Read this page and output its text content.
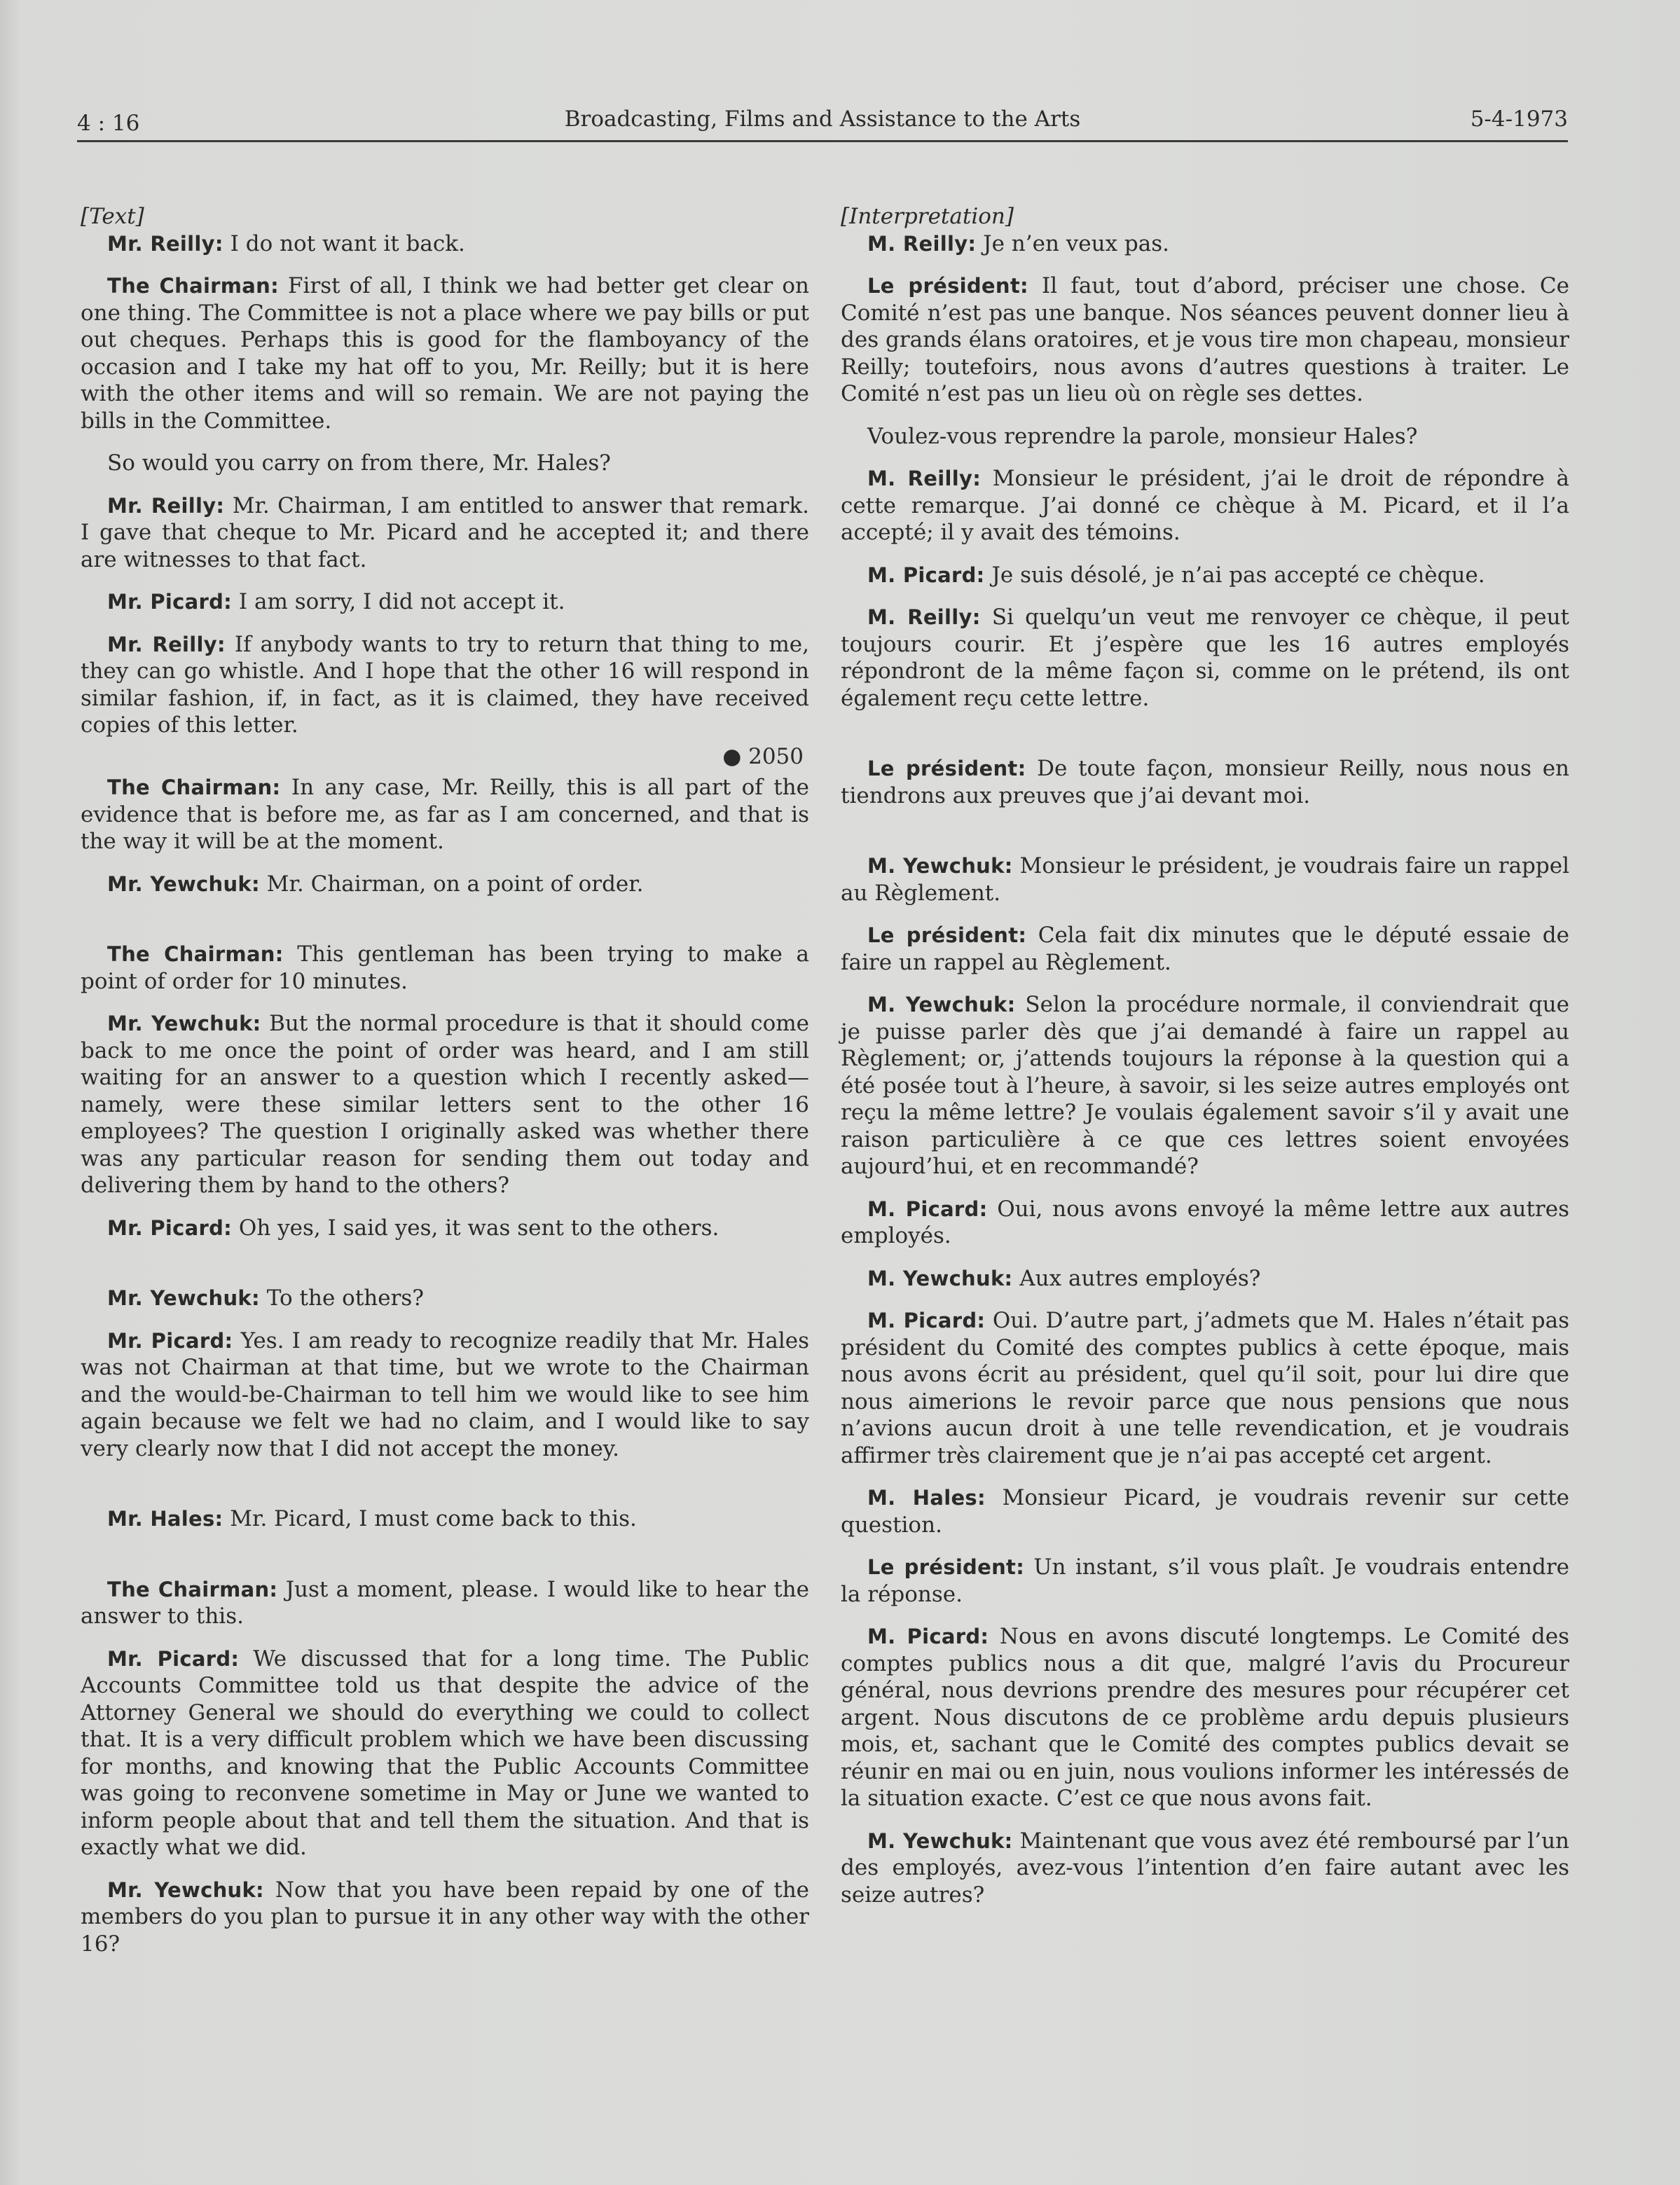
4 : 16	Broadcasting, Films and Assistance to the Arts	5-4-1973
[Text]

Mr. Reilly: I do not want it back.

The Chairman: First of all, I think we had better get clear on one thing. The Committee is not a place where we pay bills or put out cheques. Perhaps this is good for the flamboyancy of the occasion and I take my hat off to you, Mr. Reilly; but it is here with the other items and will so remain. We are not paying the bills in the Committee.

So would you carry on from there, Mr. Hales?

Mr. Reilly: Mr. Chairman, I am entitled to answer that remark. I gave that cheque to Mr. Picard and he accepted it; and there are witnesses to that fact.

Mr. Picard: I am sorry, I did not accept it.

Mr. Reilly: If anybody wants to try to return that thing to me, they can go whistle. And I hope that the other 16 will respond in similar fashion, if, in fact, as it is claimed, they have received copies of this letter.

● 2050

The Chairman: In any case, Mr. Reilly, this is all part of the evidence that is before me, as far as I am concerned, and that is the way it will be at the moment.

Mr. Yewchuk: Mr. Chairman, on a point of order.

The Chairman: This gentleman has been trying to make a point of order for 10 minutes.

Mr. Yewchuk: But the normal procedure is that it should come back to me once the point of order was heard, and I am still waiting for an answer to a question which I recently asked—namely, were these similar letters sent to the other 16 employees? The question I originally asked was whether there was any particular reason for sending them out today and delivering them by hand to the others?

Mr. Picard: Oh yes, I said yes, it was sent to the others.

Mr. Yewchuk: To the others?

Mr. Picard: Yes. I am ready to recognize readily that Mr. Hales was not Chairman at that time, but we wrote to the Chairman and the would-be-Chairman to tell him we would like to see him again because we felt we had no claim, and I would like to say very clearly now that I did not accept the money.

Mr. Hales: Mr. Picard, I must come back to this.

The Chairman: Just a moment, please. I would like to hear the answer to this.

Mr. Picard: We discussed that for a long time. The Public Accounts Committee told us that despite the advice of the Attorney General we should do everything we could to collect that. It is a very difficult problem which we have been discussing for months, and knowing that the Public Accounts Committee was going to reconvene sometime in May or June we wanted to inform people about that and tell them the situation. And that is exactly what we did.

Mr. Yewchuk: Now that you have been repaid by one of the members do you plan to pursue it in any other way with the other 16?

[Interpretation]

M. Reilly: Je n’en veux pas.

Le président: Il faut, tout d’abord, préciser une chose. Ce Comité n’est pas une banque. Nos séances peuvent donner lieu à des grands élans oratoires, et je vous tire mon chapeau, monsieur Reilly; toutefoirs, nous avons d’autres questions à traiter. Le Comité n’est pas un lieu où on règle ses dettes.

Voulez-vous reprendre la parole, monsieur Hales?

M. Reilly: Monsieur le président, j’ai le droit de répondre à cette remarque. J’ai donné ce chèque à M. Picard, et il l’a accepté; il y avait des témoins.

M. Picard: Je suis désolé, je n’ai pas accepté ce chèque.

M. Reilly: Si quelqu’un veut me renvoyer ce chèque, il peut toujours courir. Et j’espère que les 16 autres employés répondront de la même façon si, comme on le prétend, ils ont également reçu cette lettre.

Le président: De toute façon, monsieur Reilly, nous nous en tiendrons aux preuves que j’ai devant moi.

M. Yewchuk: Monsieur le président, je voudrais faire un rappel au Règlement.

Le président: Cela fait dix minutes que le député essaie de faire un rappel au Règlement.

M. Yewchuk: Selon la procédure normale, il conviendrait que je puisse parler dès que j’ai demandé à faire un rappel au Règlement; or, j’attends toujours la réponse à la question qui a été posée tout à l’heure, à savoir, si les seize autres employés ont reçu la même lettre? Je voulais également savoir s’il y avait une raison particulière à ce que ces lettres soient envoyées aujourd’hui, et en recommandé?

M. Picard: Oui, nous avons envoyé la même lettre aux autres employés.

M. Yewchuk: Aux autres employés?

M. Picard: Oui. D’autre part, j’admets que M. Hales n’était pas président du Comité des comptes publics à cette époque, mais nous avons écrit au président, quel qu’il soit, pour lui dire que nous aimerions le revoir parce que nous pensions que nous n’avions aucun droit à une telle revendication, et je voudrais affirmer très clairement que je n’ai pas accepté cet argent.

M. Hales: Monsieur Picard, je voudrais revenir sur cette question.

Le président: Un instant, s’il vous plaît. Je voudrais entendre la réponse.

M. Picard: Nous en avons discuté longtemps. Le Comité des comptes publics nous a dit que, malgré l’avis du Procureur général, nous devrions prendre des mesures pour récupérer cet argent. Nous discutons de ce problème ardu depuis plusieurs mois, et, sachant que le Comité des comptes publics devait se réunir en mai ou en juin, nous voulions informer les intéressés de la situation exacte. C’est ce que nous avons fait.

M. Yewchuk: Maintenant que vous avez été remboursé par l’un des employés, avez-vous l’intention d’en faire autant avec les seize autres?
